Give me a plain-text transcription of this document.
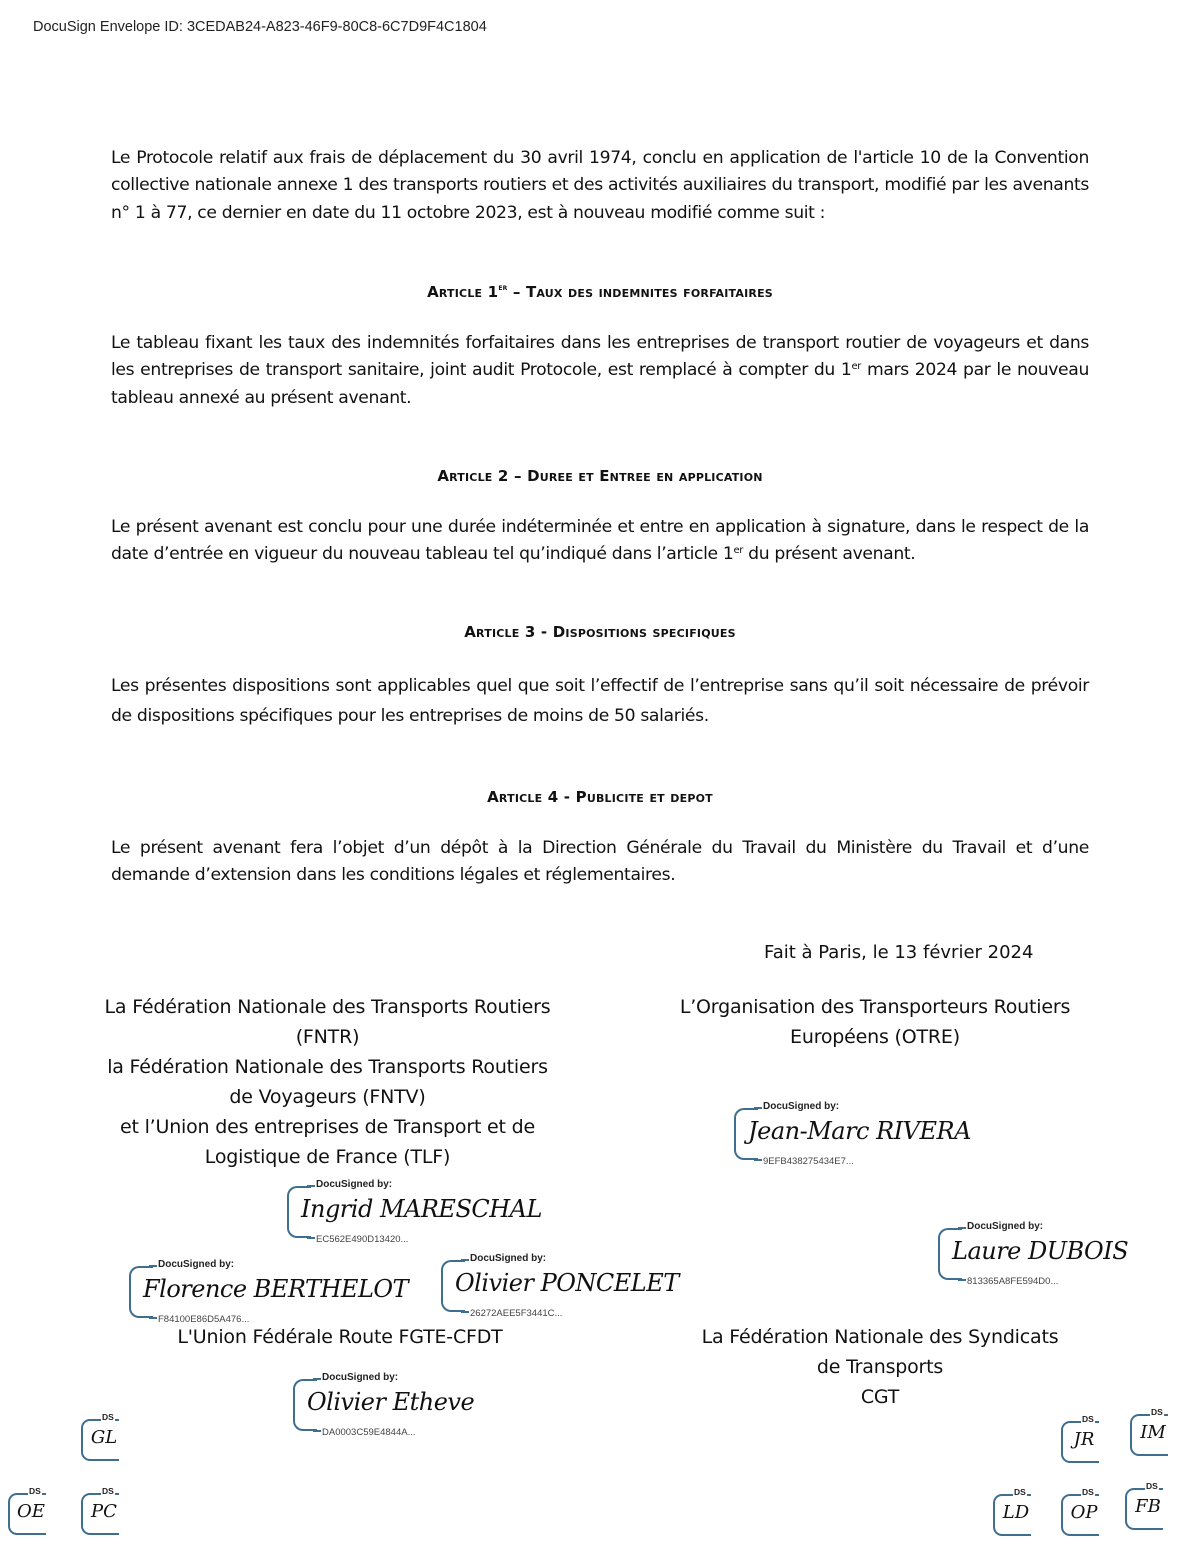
DocuSign Envelope ID: 3CEDAB24-A823-46F9-80C8-6C7D9F4C1804

Le Protocole relatif aux frais de déplacement du 30 avril 1974, conclu en application de l'article 10 de la Convention collective nationale annexe 1 des transports routiers et des activités auxiliaires du transport, modifié par les avenants n° 1 à 77, ce dernier en date du 11 octobre 2023, est à nouveau modifié comme suit :

Article 1er – Taux des indemnites forfaitaires

Le tableau fixant les taux des indemnités forfaitaires dans les entreprises de transport routier de voyageurs et dans les entreprises de transport sanitaire, joint audit Protocole, est remplacé à compter du 1er mars 2024 par le nouveau tableau annexé au présent avenant.

Article 2 – Duree et Entree en application

Le présent avenant est conclu pour une durée indéterminée et entre en application à signature, dans le respect de la date d’entrée en vigueur du nouveau tableau tel qu’indiqué dans l’article 1er du présent avenant.

Article 3 - Dispositions specifiques

Les présentes dispositions sont applicables quel que soit l’effectif de l’entreprise sans qu’il soit nécessaire de prévoir de dispositions spécifiques pour les entreprises de moins de 50 salariés.

Article 4 - Publicite et depot

Le présent avenant fera l’objet d’un dépôt à la Direction Générale du Travail du Ministère du Travail et d’une demande d’extension dans les conditions légales et réglementaires.

Fait à Paris, le 13 février 2024
La Fédération Nationale des Transports Routiers
(FNTR)
la Fédération Nationale des Transports Routiers
de Voyageurs (FNTV)
et l’Union des entreprises de Transport et de
Logistique de France (TLF)
L’Organisation des Transporteurs Routiers
Européens (OTRE)
L'Union Fédérale Route FGTE-CFDT	La Fédération Nationale des Syndicats
de Transports
CGT
DocuSigned by:
Ingrid MARESCHAL
EC562E490D13420...
DocuSigned by:
Jean-Marc RIVERA
9EFB438275434E7...
DocuSigned by:
Florence BERTHELOT
F84100E86D5A476...
DocuSigned by:
Olivier PONCELET
26272AEE5F3441C...
DocuSigned by:
Laure DUBOIS
813365A8FE594D0...
DocuSigned by:
Olivier Etheve
DA0003C59E4844A...
DS
GL
DS
OE
DS
PC
DS
JR
DS
IM
DS
LD
DS
OP
DS
FB
